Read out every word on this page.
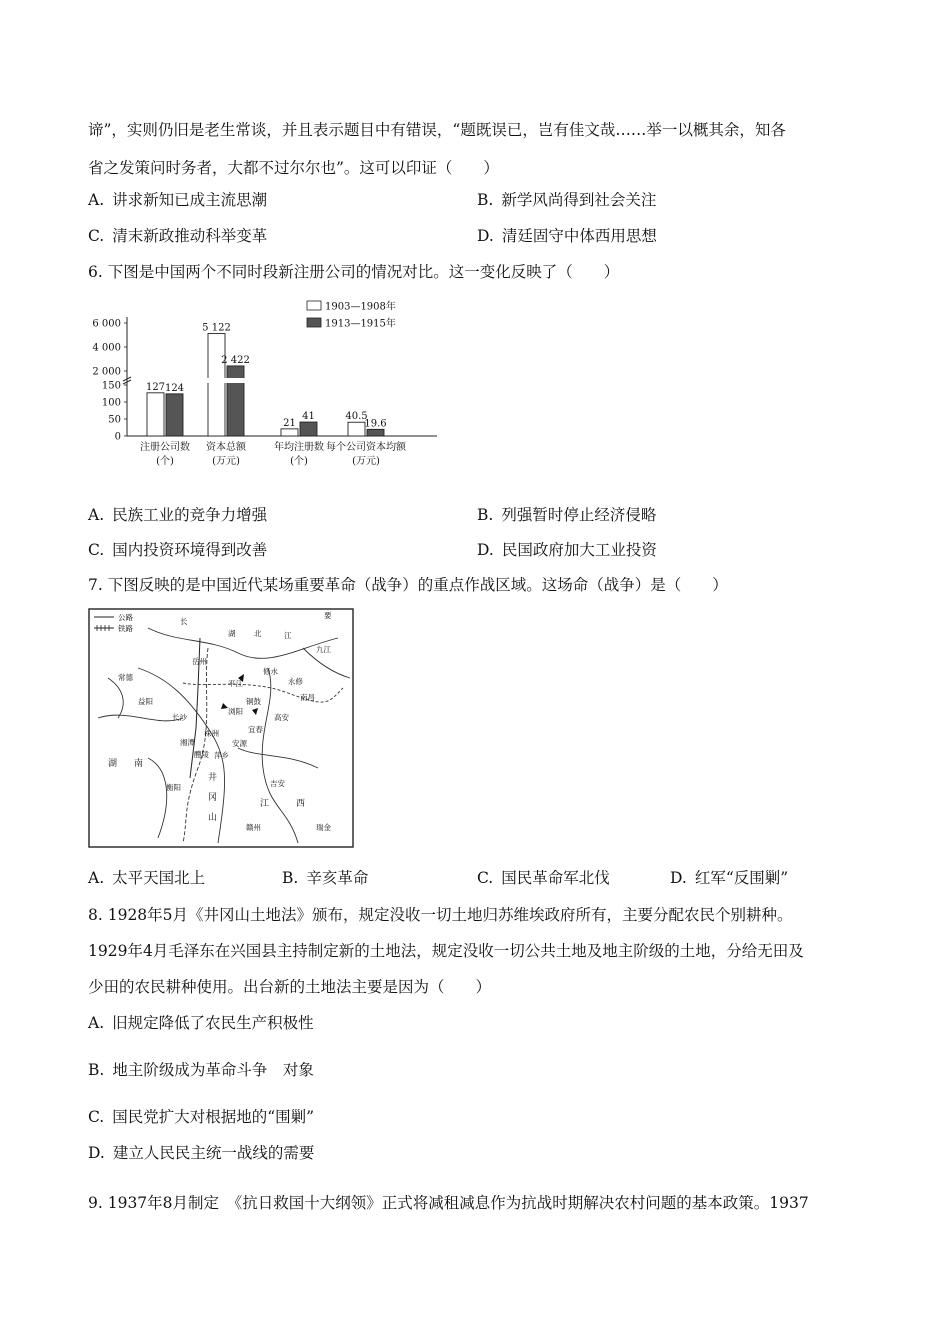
谛”，实则仍旧是老生常谈，并且表示题目中有错误，“题既误已，岂有佳文哉……举一以概其余，知各
省之发策问时务者，大都不过尔尔也”。这可以印证（　　）
A. 讲求新知已成主流思潮	B. 新学风尚得到社会关注
C. 清末新政推动科举变革	D. 清廷固守中体西用思想
6. 下图是中国两个不同时段新注册公司的情况对比。这一变化反映了（　　）
0
50
100
150
2 000
4 000
6 000
1903—1908年
1913—1915年
127 124
注册公司数
(个)
5 122
2 422
资本总额
(万元)
21
41
年均注册数
(个)
40.5
19.6
每个公司资本均额
(万元)
A. 民族工业的竞争力增强	B. 列强暂时停止经济侵略
C. 国内投资环境得到改善	D. 民国政府加大工业投资
7. 下图反映的是中国近代某场重要革命（战争）的重点作战区域。这场命（战争）是（　　）
公路
铁路
长
湖 北
要
江
岳州
九江
南昌
修水
平江
浏阳
长沙
株洲
湘潭
醴陵 萍乡
安源
宜春
铜鼓
高安
永修
衡阳	吉安
赣州	瑞金
湖 南
井
冈
山
江	西
常德
益阳
A. 太平天国北上	B. 辛亥革命	C. 国民革命军北伐	D. 红军“反围剿”
8. 1928年5月《井冈山土地法》颁布，规定没收一切土地归苏维埃政府所有，主要分配农民个别耕种。
1929年4月毛泽东在兴国县主持制定新的土地法，规定没收一切公共土地及地主阶级的土地，分给无田及
少田的农民耕种使用。出台新的土地法主要是因为（　　）
A. 旧规定降低了农民生产积极性
B. 地主阶级成为革命斗争　对象
C. 国民党扩大对根据地的“围剿”
D. 建立人民民主统一战线的需要
9. 1937年8月制定　《抗日救国十大纲领》正式将减租减息作为抗战时期解决农村问题的基本政策。1937
